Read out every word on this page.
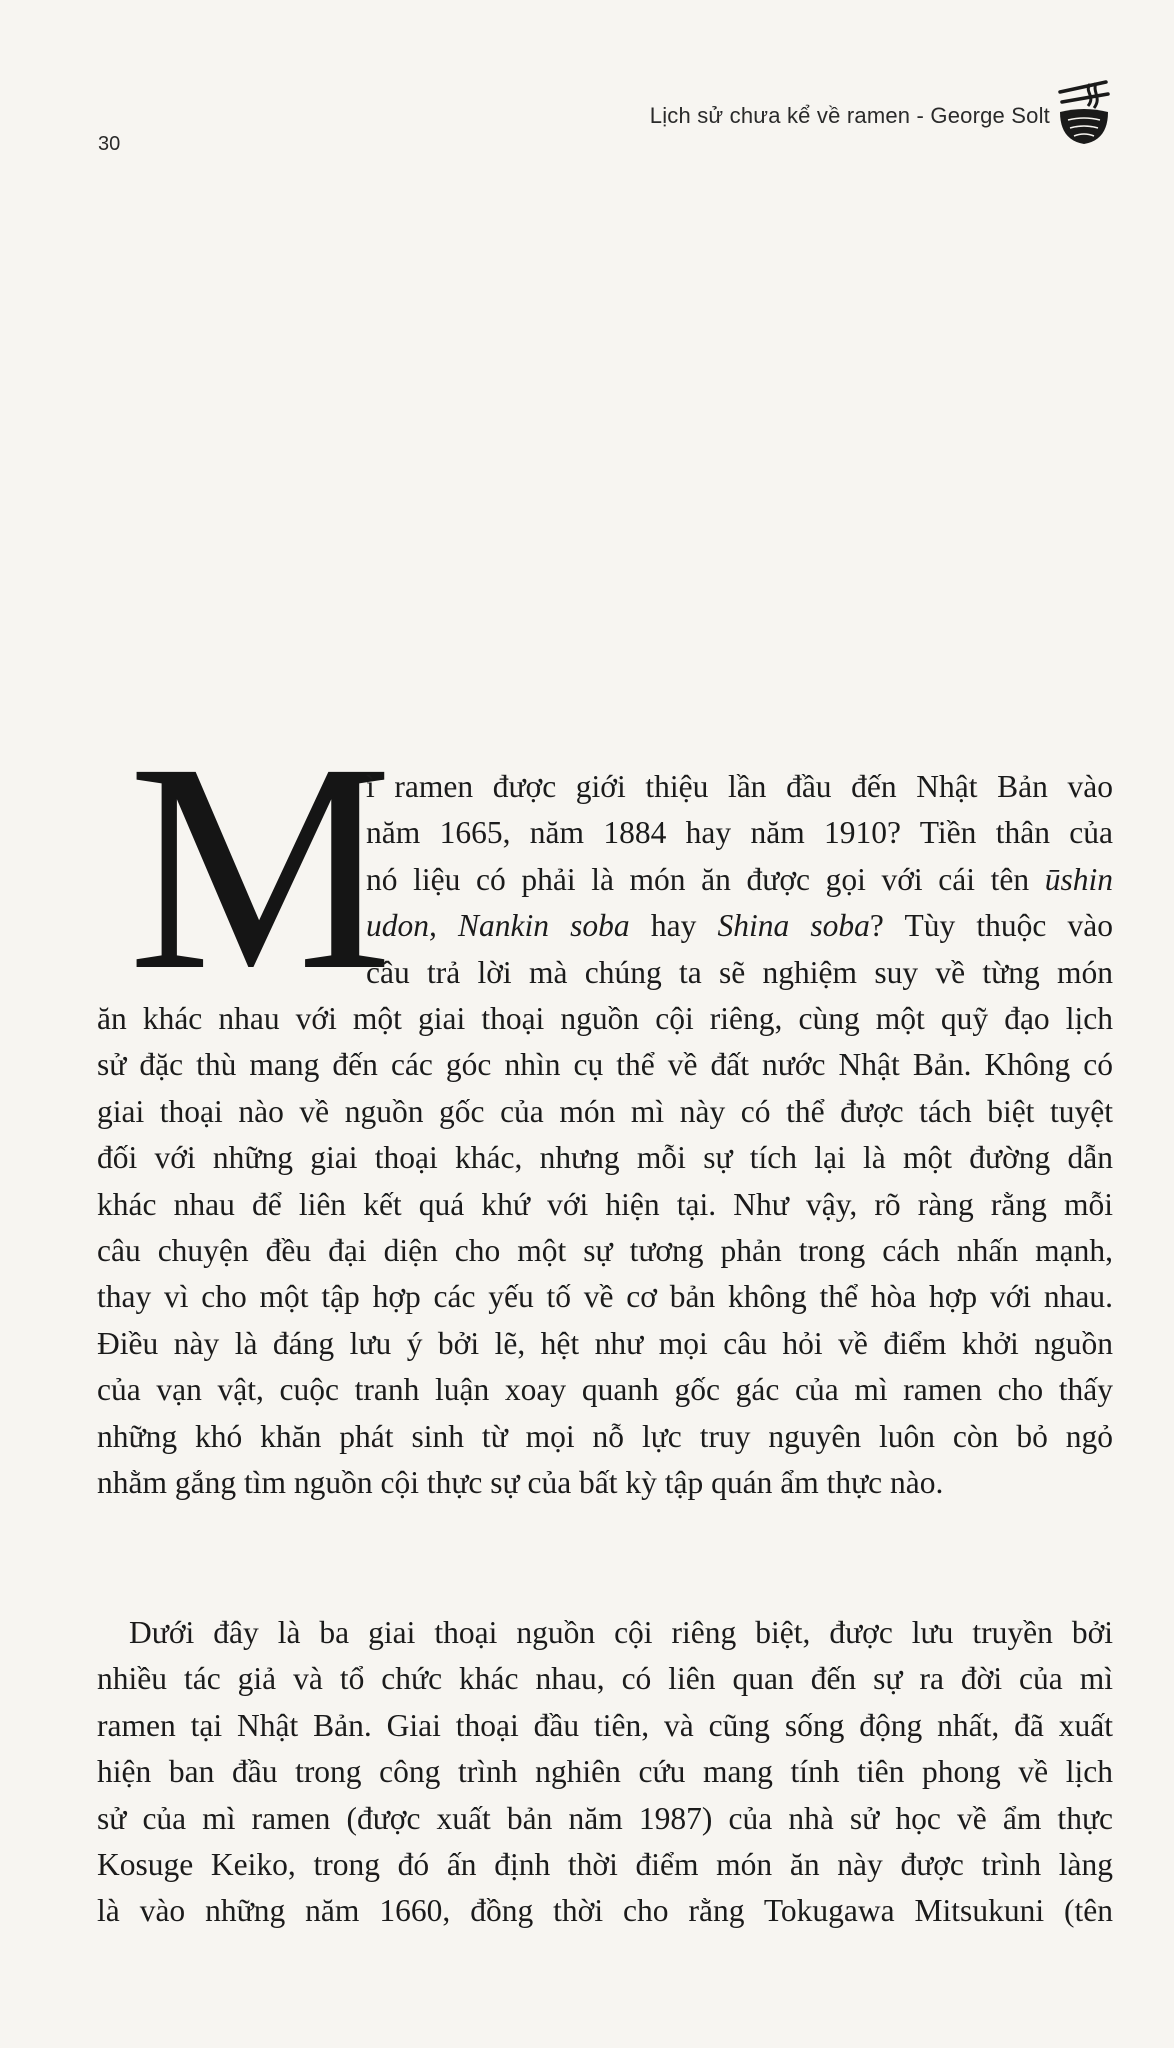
30
Lịch sử chưa kể về ramen - George Solt
M
ì ramen được giới thiệu lần đầu đến Nhật Bản vào
năm 1665, năm 1884 hay năm 1910? Tiền thân của
nó liệu có phải là món ăn được gọi với cái tên ūshin
udon, Nankin soba hay Shina soba? Tùy thuộc vào
câu trả lời mà chúng ta sẽ nghiệm suy về từng món
ăn khác nhau với một giai thoại nguồn cội riêng, cùng một quỹ đạo lịch
sử đặc thù mang đến các góc nhìn cụ thể về đất nước Nhật Bản. Không có
giai thoại nào về nguồn gốc của món mì này có thể được tách biệt tuyệt
đối với những giai thoại khác, nhưng mỗi sự tích lại là một đường dẫn
khác nhau để liên kết quá khứ với hiện tại. Như vậy, rõ ràng rằng mỗi
câu chuyện đều đại diện cho một sự tương phản trong cách nhấn mạnh,
thay vì cho một tập hợp các yếu tố về cơ bản không thể hòa hợp với nhau.
Điều này là đáng lưu ý bởi lẽ, hệt như mọi câu hỏi về điểm khởi nguồn
của vạn vật, cuộc tranh luận xoay quanh gốc gác của mì ramen cho thấy
những khó khăn phát sinh từ mọi nỗ lực truy nguyên luôn còn bỏ ngỏ
nhằm gắng tìm nguồn cội thực sự của bất kỳ tập quán ẩm thực nào.
Dưới đây là ba giai thoại nguồn cội riêng biệt, được lưu truyền bởi
nhiều tác giả và tổ chức khác nhau, có liên quan đến sự ra đời của mì
ramen tại Nhật Bản. Giai thoại đầu tiên, và cũng sống động nhất, đã xuất
hiện ban đầu trong công trình nghiên cứu mang tính tiên phong về lịch
sử của mì ramen (được xuất bản năm 1987) của nhà sử học về ẩm thực
Kosuge Keiko, trong đó ấn định thời điểm món ăn này được trình làng
là vào những năm 1660, đồng thời cho rằng Tokugawa Mitsukuni (tên
